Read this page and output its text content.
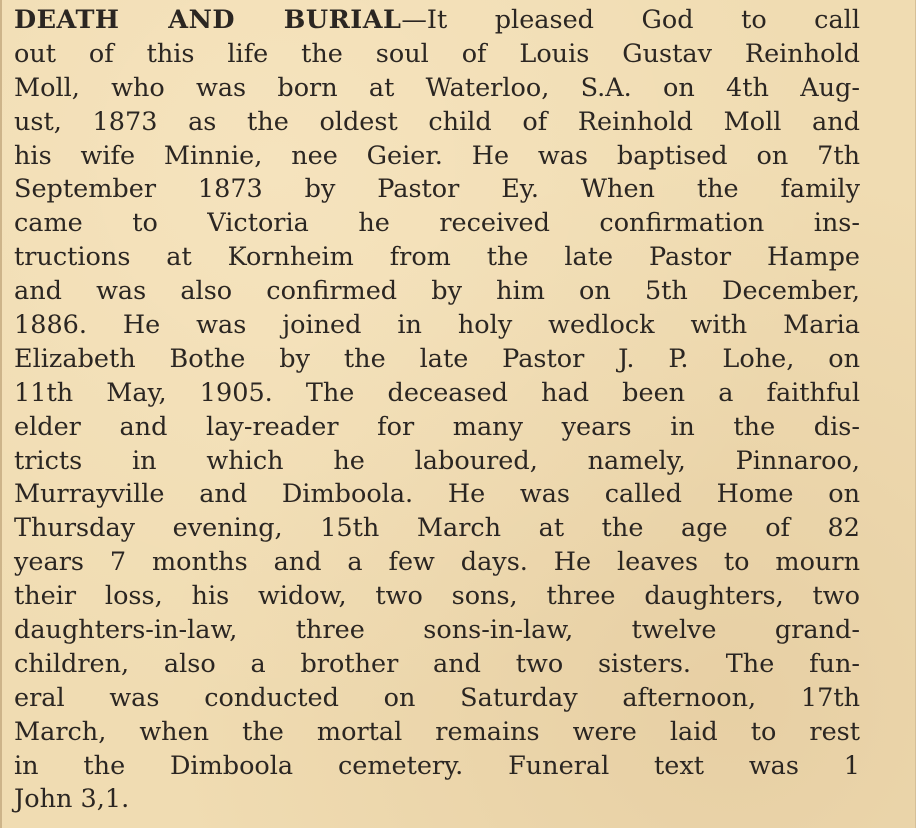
DEATH AND BURIAL—It pleased God to call
out of this life the soul of Louis Gustav Reinhold
Moll, who was born at Waterloo, S.A. on 4th Aug-
ust, 1873 as the oldest child of Reinhold Moll and
his wife Minnie, nee Geier. He was baptised on 7th
September 1873 by Pastor Ey. When the family
came to Victoria he received confirmation ins-
tructions at Kornheim from the late Pastor Hampe
and was also confirmed by him on 5th December,
1886. He was joined in holy wedlock with Maria
Elizabeth Bothe by the late Pastor J. P. Lohe, on
11th May, 1905. The deceased had been a faithful
elder and lay-reader for many years in the dis-
tricts in which he laboured, namely, Pinnaroo,
Murrayville and Dimboola. He was called Home on
Thursday evening, 15th March at the age of 82
years 7 months and a few days. He leaves to mourn
their loss, his widow, two sons, three daughters, two
daughters-in-law, three sons-in-law, twelve grand-
children, also a brother and two sisters. The fun-
eral was conducted on Saturday afternoon, 17th
March, when the mortal remains were laid to rest
in the Dimboola cemetery. Funeral text was 1
John 3,1.
